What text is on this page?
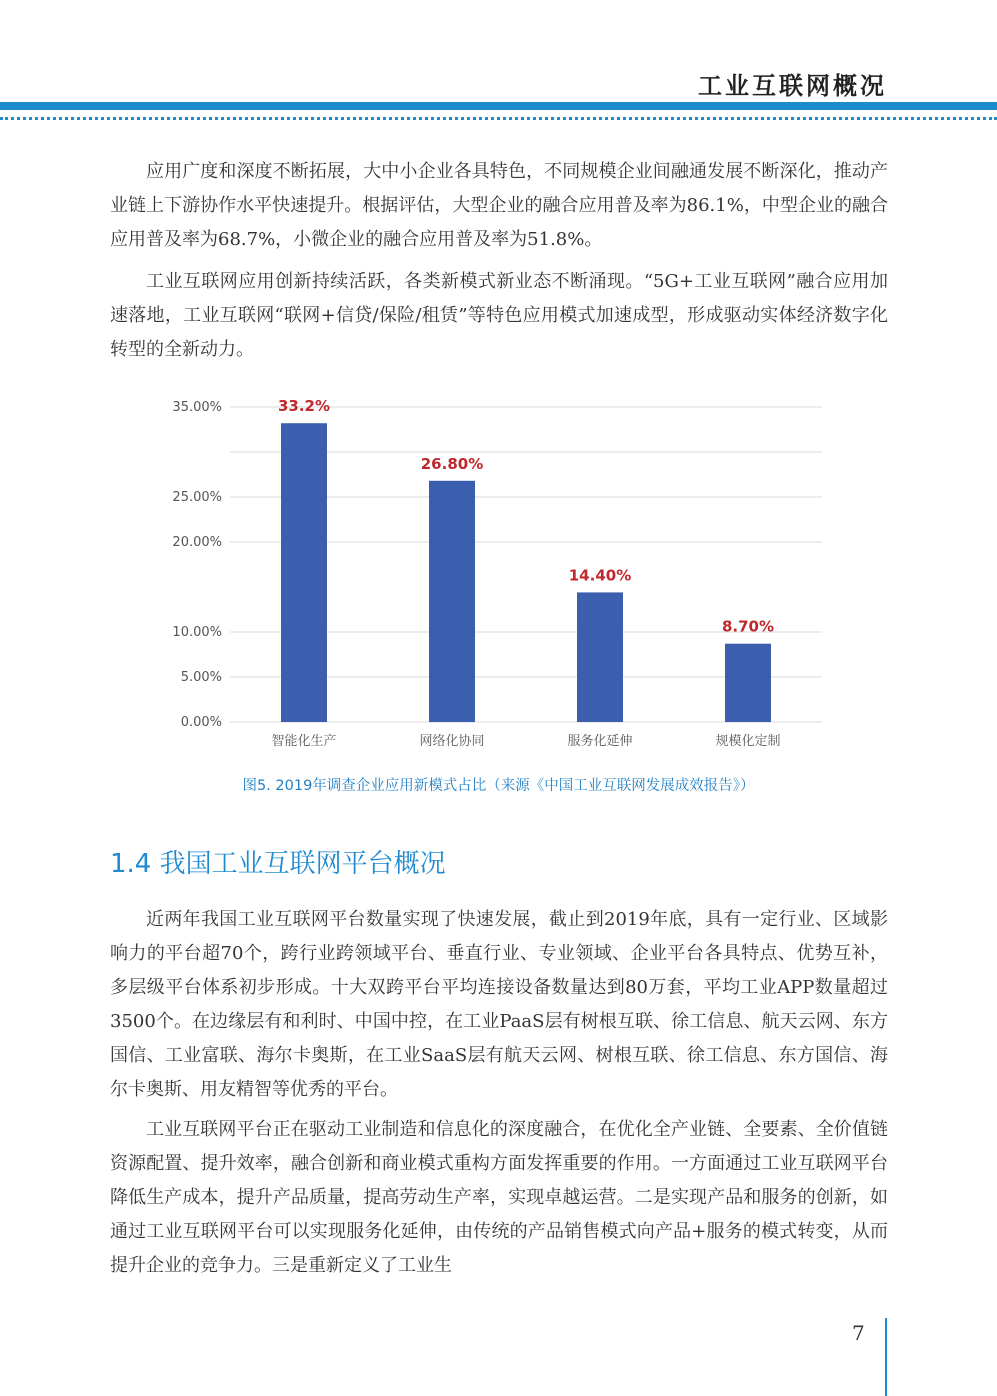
工业互联网概况

应用广度和深度不断拓展，大中小企业各具特色，不同规模企业间融通发展不断深化，推动产业链上下游协作水平快速提升。根据评估，大型企业的融合应用普及率为86.1%，中型企业的融合应用普及率为68.7%，小微企业的融合应用普及率为51.8%。

工业互联网应用创新持续活跃，各类新模式新业态不断涌现。“5G+工业互联网”融合应用加速落地，工业互联网“联网+信贷/保险/租赁”等特色应用模式加速成型，形成驱动实体经济数字化转型的全新动力。

35.00%
25.00%
20.00%
10.00%
5.00%
0.00%
33.2%
26.80%
14.40%
8.70%
智能化生产	网络化协同	服务化延伸	规模化定制
图5. 2019年调查企业应用新模式占比（来源《中国工业互联网发展成效报告》）
1.4 我国工业互联网平台概况

近两年我国工业互联网平台数量实现了快速发展，截止到2019年底，具有一定行业、区域影响力的平台超70个，跨行业跨领域平台、垂直行业、专业领域、企业平台各具特点、优势互补，多层级平台体系初步形成。十大双跨平台平均连接设备数量达到80万套，平均工业APP数量超过3500个。在边缘层有和利时、中国中控，在工业PaaS层有树根互联、徐工信息、航天云网、东方国信、工业富联、海尔卡奥斯，在工业SaaS层有航天云网、树根互联、徐工信息、东方国信、海尔卡奥斯、用友精智等优秀的平台。

工业互联网平台正在驱动工业制造和信息化的深度融合，在优化全产业链、全要素、全价值链资源配置、提升效率，融合创新和商业模式重构方面发挥重要的作用。一方面通过工业互联网平台降低生产成本，提升产品质量，提高劳动生产率，实现卓越运营。二是实现产品和服务的创新，如通过工业互联网平台可以实现服务化延伸，由传统的产品销售模式向产品+服务的模式转变，从而提升企业的竞争力。三是重新定义了工业生

7
